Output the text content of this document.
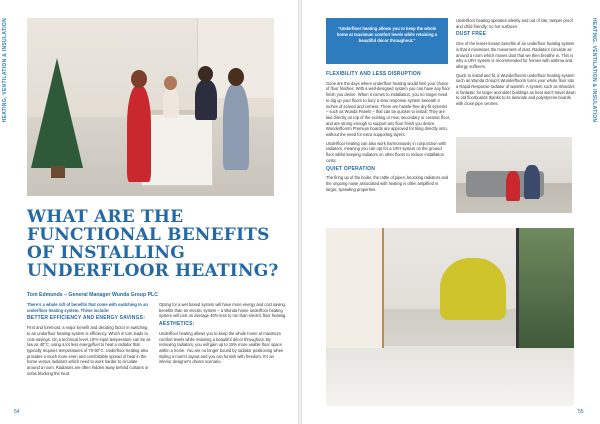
HEATING, VENTILATION & INSULATION
WHAT ARE THE FUNCTIONAL BENEFITS OF INSTALLING UNDERFLOOR HEATING?
Tom Edmunds – General Manager Wunda Group PLC

There's a whole raft of benefits that come with switching to an underfloor heating system. These include:

BETTER EFFICIENCY AND ENERGY SAVINGS:

First and foremost, a major benefit and deciding factor in switching to an underfloor heating system is efficiency. Which in turn leads to cost-savings. On a technical level, UFH input temperature can be as low as 40°C, using a lot less energy/fuel to heat a radiator that typically requires temperatures of 70-90°C. Underfloor heating also provides a much more even and comfortable spread of heat in the home versus radiators which need to work harder to circulate around a room. Radiators are often hidden away behind curtains or sofas blocking the heat.

Opting for a wet based system will have more energy and cost saving benefits than an electric system – a Wunda home underfloor heating system will cost on average 40% less to run than electric floor heating.

AESTHETICS:

Underfloor heating allows you to keep the whole home at maximum comfort levels while retaining a beautiful décor throughout. By removing radiators, you will gain up to 15% more usable floor space within a home. You are no longer bound by radiator positioning when styling a room's layout and you can furnish with freedom. It's an interior designer's dream scenario.

54
"Underfloor heating allows you to keep the whole home at maximum comfort levels while retaining a beautiful décor throughout."
FLEXIBILITY AND LESS DISRUPTION

Gone are the days where underfloor heating would limit your choice of floor finishes. With a well-designed system you can have any floor finish you desire. When it comes to installation, you no longer need to dig up your floors to bury a slow response system beneath 4 inches of screed and cement. There are hassle-free dry-fit systems – such as Wunda Panels – that can be quicker to install. They are laid directly on top of the existing or new, secondary or ceramic floor, and are strong enough to support any floor finish you desire. Wunderfloorm Premium boards are approved for tiling directly onto, without the need for extra supporting layers.

Underfloor heating can also work harmoniously in conjunction with radiators, meaning you can opt for a UFH system on the ground floor whilst keeping radiators on other floors to reduce installation costs.

QUIET OPERATION

The firing up of the boiler, the rattle of pipes, knocking radiators and the ongoing noise associated with heating is often amplified in larger, sprawling properties.

Underfloor heating operates silently and out of site, tamper proof and child friendly: no hot surfaces.

DUST FREE

One of the lesser-known benefits of an underfloor heating system is that it minimises the movement of dust. Radiators circulate air around a room which moves dust that we then breathe in. This is why a UFH system is recommended for homes with asthma and allergy sufferers.

Quick to install and fit, a Wunderfloorm underfloor heating system such as Wunda Group's Wunderfloorm turns your whole floor into a Rapid Response radiator of warmth. A system such as Wunda's is fantastic for larger and older buildings as heat won't travel down to old floorboards thanks to its laminate and polystyrene boards with close pipe centres.	HEATING, VENTILATION & INSULATION
55
